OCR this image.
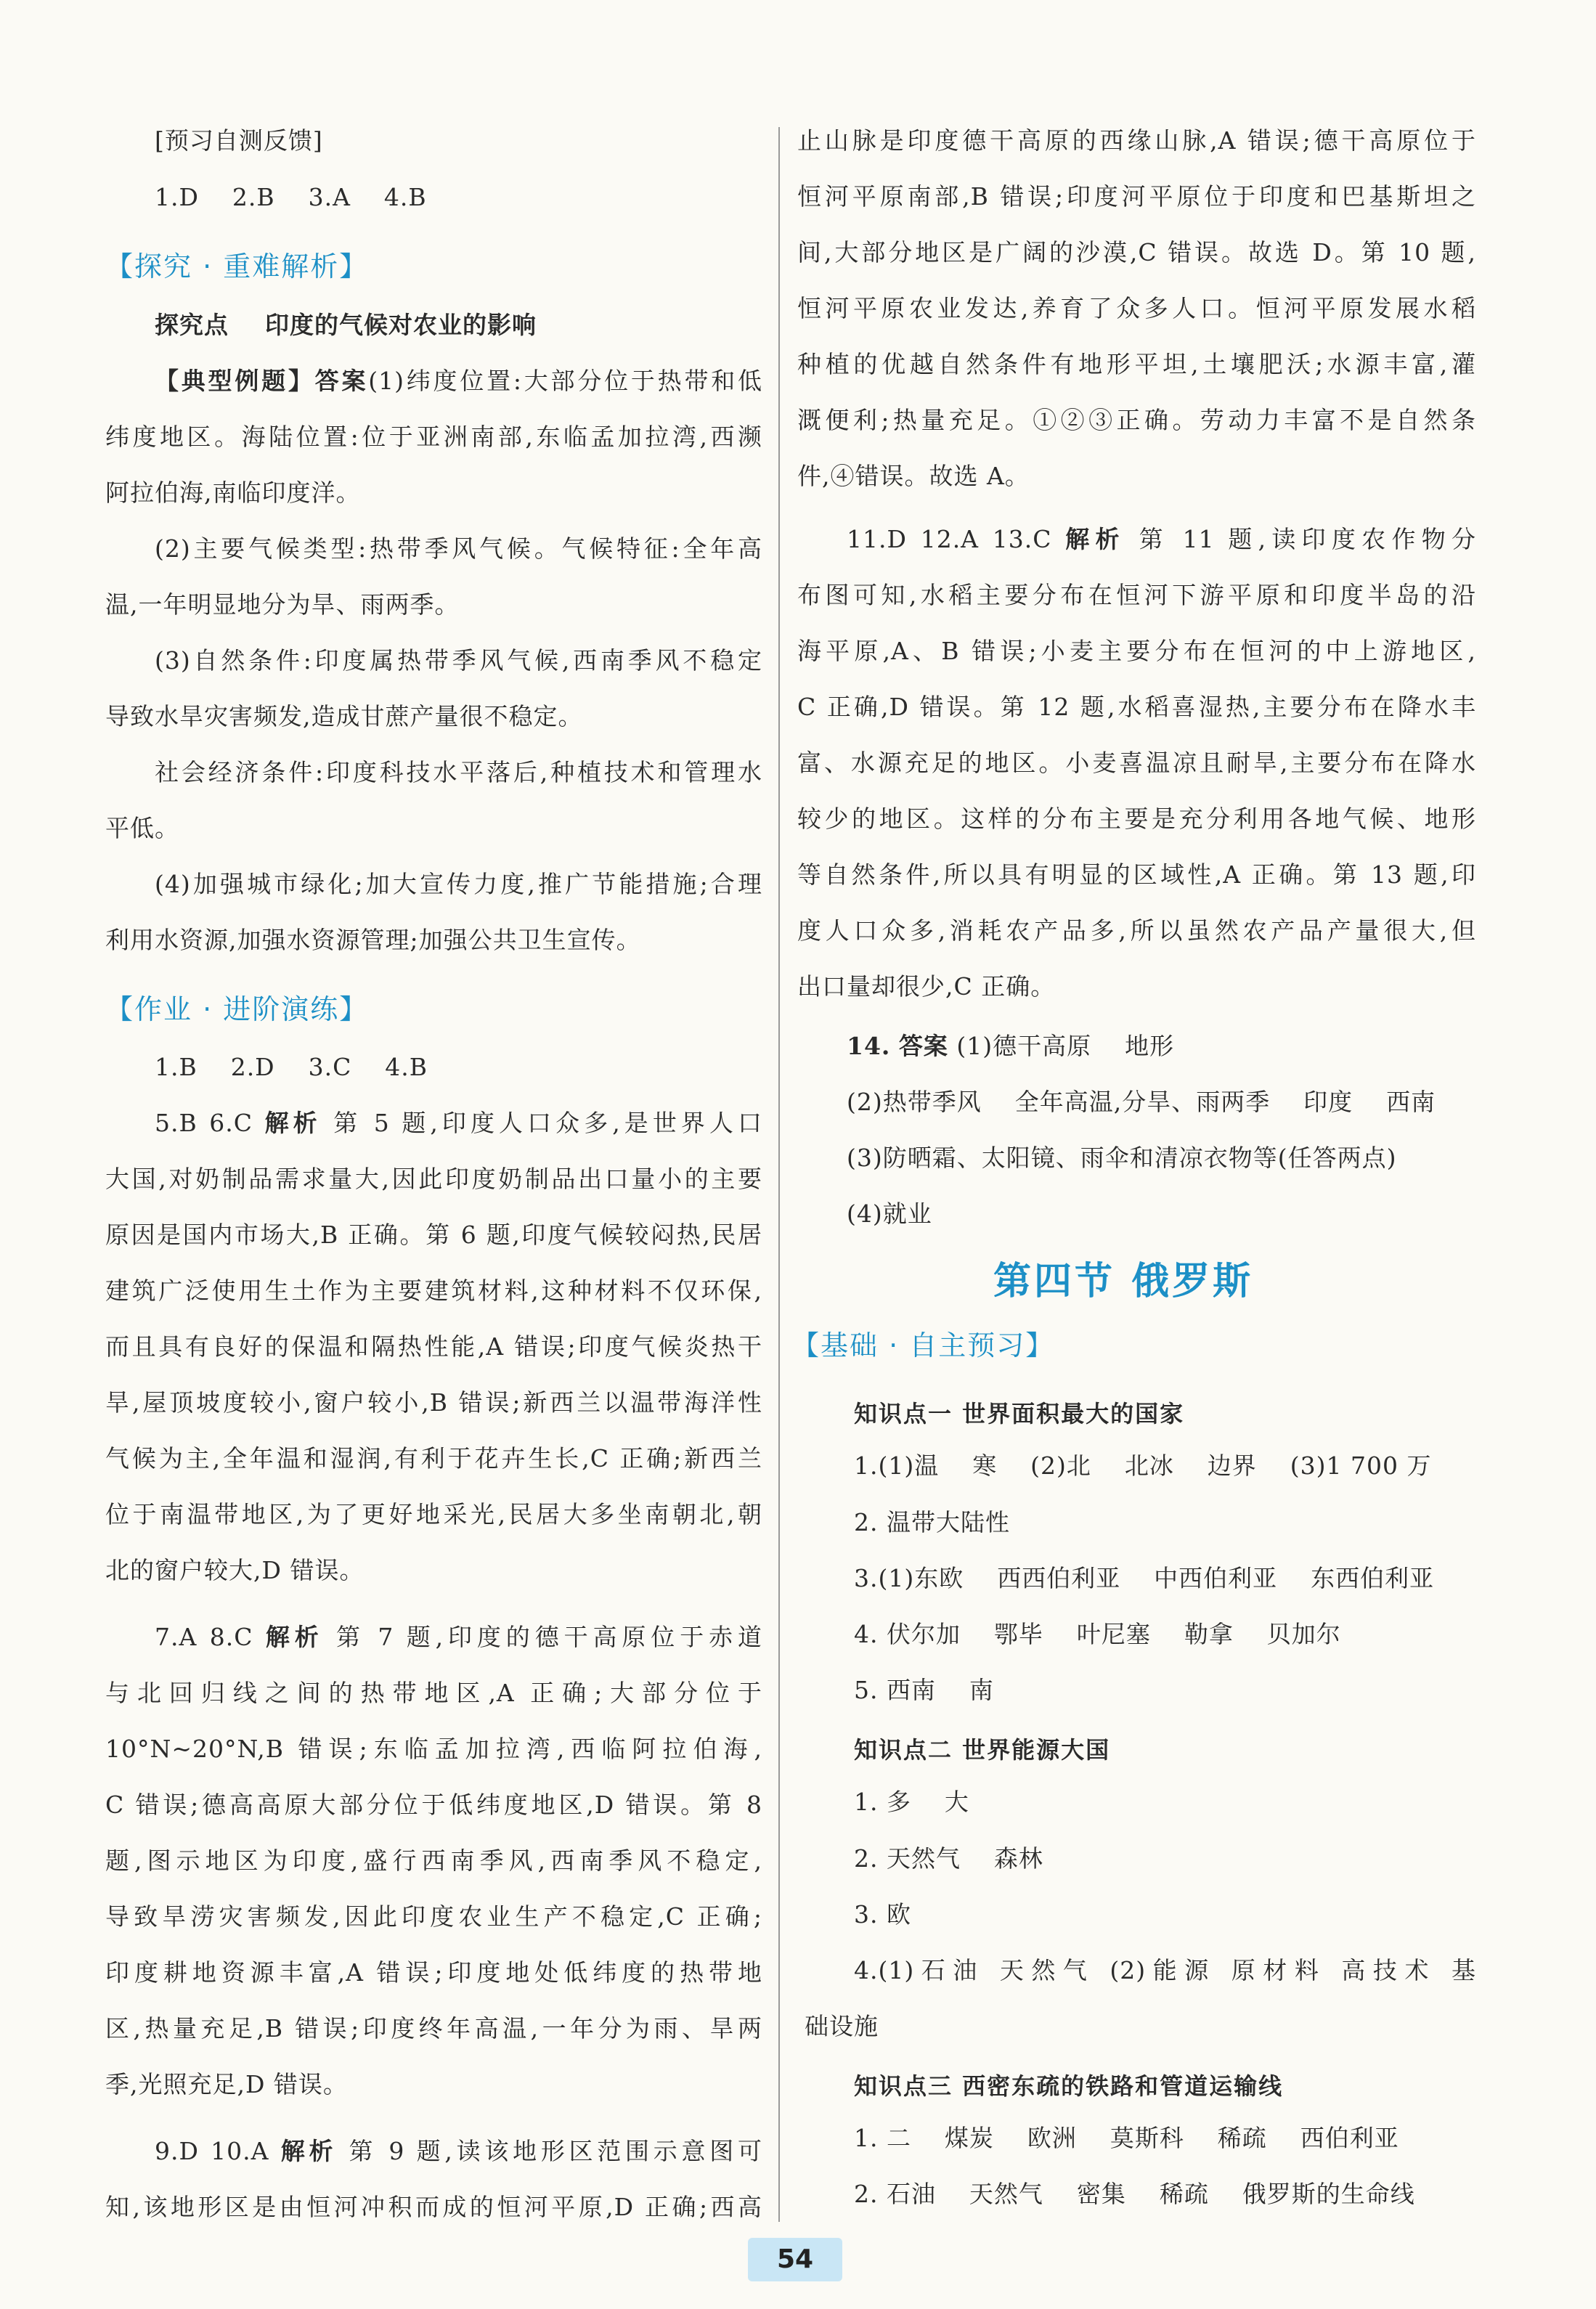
[预习自测反馈]
1.D    2.B    3.A    4.B
【探究 · 重难解析】
探究点    印度的气候对农业的影响
【典型例题】答案(1)纬度位置:大部分位于热带和低
纬度地区。海陆位置:位于亚洲南部,东临孟加拉湾,西濒
阿拉伯海,南临印度洋。
(2)主要气候类型:热带季风气候。气候特征:全年高
温,一年明显地分为旱、雨两季。
(3)自然条件:印度属热带季风气候,西南季风不稳定
导致水旱灾害频发,造成甘蔗产量很不稳定。
社会经济条件:印度科技水平落后,种植技术和管理水
平低。
(4)加强城市绿化;加大宣传力度,推广节能措施;合理
利用水资源,加强水资源管理;加强公共卫生宣传。
【作业 · 进阶演练】
1.B    2.D    3.C    4.B
5.B 6.C 解析 第 5 题,印度人口众多,是世界人口
大国,对奶制品需求量大,因此印度奶制品出口量小的主要
原因是国内市场大,B 正确。第 6 题,印度气候较闷热,民居
建筑广泛使用生土作为主要建筑材料,这种材料不仅环保,
而且具有良好的保温和隔热性能,A 错误;印度气候炎热干
旱,屋顶坡度较小,窗户较小,B 错误;新西兰以温带海洋性
气候为主,全年温和湿润,有利于花卉生长,C 正确;新西兰
位于南温带地区,为了更好地采光,民居大多坐南朝北,朝
北的窗户较大,D 错误。
7.A 8.C 解析 第 7 题,印度的德干高原位于赤道
与北回归线之间的热带地区,A 正确;大部分位于
10°N~20°N,B 错误;东临孟加拉湾,西临阿拉伯海,
C 错误;德高高原大部分位于低纬度地区,D 错误。第 8
题,图示地区为印度,盛行西南季风,西南季风不稳定,
导致旱涝灾害频发,因此印度农业生产不稳定,C 正确;
印度耕地资源丰富,A 错误;印度地处低纬度的热带地
区,热量充足,B 错误;印度终年高温,一年分为雨、旱两
季,光照充足,D 错误。
9.D 10.A 解析 第 9 题,读该地形区范围示意图可
知,该地形区是由恒河冲积而成的恒河平原,D 正确;西高
止山脉是印度德干高原的西缘山脉,A 错误;德干高原位于
恒河平原南部,B 错误;印度河平原位于印度和巴基斯坦之
间,大部分地区是广阔的沙漠,C 错误。故选 D。第 10 题,
恒河平原农业发达,养育了众多人口。恒河平原发展水稻
种植的优越自然条件有地形平坦,土壤肥沃;水源丰富,灌
溉便利;热量充足。①②③正确。劳动力丰富不是自然条
件,④错误。故选 A。
11.D 12.A 13.C 解析 第 11 题,读印度农作物分
布图可知,水稻主要分布在恒河下游平原和印度半岛的沿
海平原,A、B 错误;小麦主要分布在恒河的中上游地区,
C 正确,D 错误。第 12 题,水稻喜湿热,主要分布在降水丰
富、水源充足的地区。小麦喜温凉且耐旱,主要分布在降水
较少的地区。这样的分布主要是充分利用各地气候、地形
等自然条件,所以具有明显的区域性,A 正确。第 13 题,印
度人口众多,消耗农产品多,所以虽然农产品产量很大,但
出口量却很少,C 正确。
14. 答案 (1)德干高原    地形
(2)热带季风    全年高温,分旱、雨两季    印度    西南
(3)防晒霜、太阳镜、雨伞和清凉衣物等(任答两点)
(4)就业
第四节 俄罗斯
【基础 · 自主预习】
知识点一 世界面积最大的国家
1.(1)温    寒    (2)北    北冰    边界    (3)1 700 万
2. 温带大陆性
3.(1)东欧    西西伯利亚    中西伯利亚    东西伯利亚
4. 伏尔加    鄂毕    叶尼塞    勒拿    贝加尔
5. 西南    南
知识点二 世界能源大国
1. 多    大
2. 天然气    森林
3. 欧
4.(1)石油 天然气 (2)能源 原材料 高技术 基
础设施
知识点三 西密东疏的铁路和管道运输线
1. 二    煤炭    欧洲    莫斯科    稀疏    西伯利亚
2. 石油    天然气    密集    稀疏    俄罗斯的生命线
54
